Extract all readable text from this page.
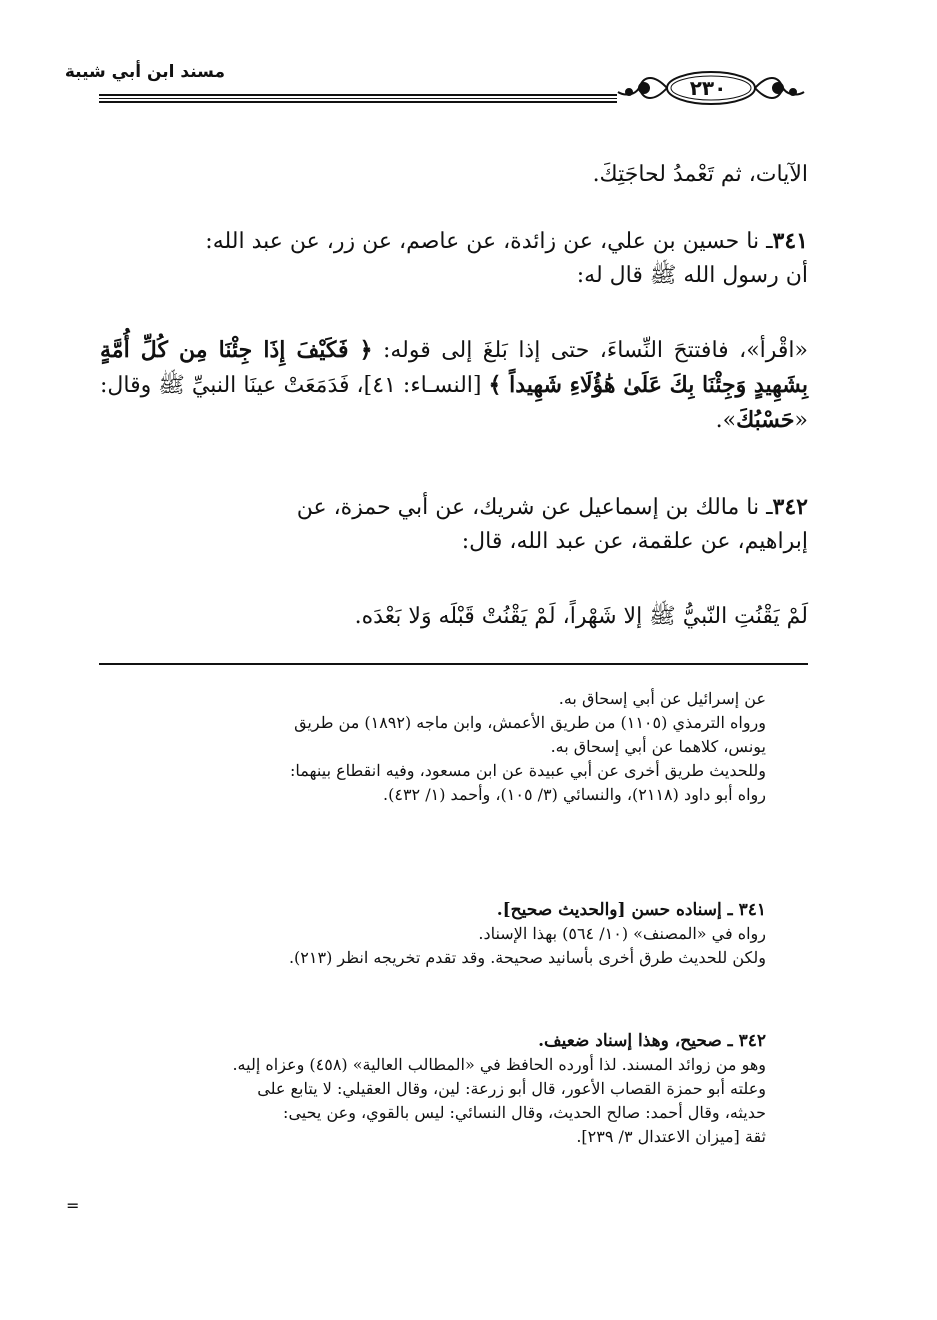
مسند ابن أبي شيبة
٢٣٠

الآيات، ثم تَعْمدُ لحاجَتِكَ.

٣٤١ـ نا حسين بن علي، عن زائدة، عن عاصم، عن زر، عن عبد الله:

أن رسول الله ﷺ قال له:

«اقْرأ»، فافتتحَ النِّساءَ، حتى إذا بَلغَ إلى قوله: ﴿ فَكَيْفَ إِذَا جِئْنَا مِن كُلِّ أُمَّةٍ بِشَهِيدٍ وَجِئْنَا بِكَ عَلَىٰ هَٰؤُلَاءِ شَهِيداً ﴾ [النسـاء: ٤١]، فَدَمَعَتْ عينَا النبيِّ ﷺ وقال: «حَسْبُكَ».

٣٤٢ـ نا مالك بن إسماعيل عن شريك، عن أبي حمزة، عن

إبراهيم، عن علقمة، عن عبد الله، قال:

لَمْ يَقْنُتِ النّبيُّ ﷺ إلا شَهْراً، لَمْ يَقْنُتْ قَبْلَه وَلا بَعْدَه.

عن إسرائيل عن أبي إسحاق به.

ورواه الترمذي (١١٠٥) من طريق الأعمش، وابن ماجه (١٨٩٢) من طريق

يونس، كلاهما عن أبي إسحاق به.

وللحديث طريق أخرى عن أبي عبيدة عن ابن مسعود، وفيه انقطاع بينهما:

رواه أبو داود (٢١١٨)، والنسائي (٣/ ١٠٥)، وأحمد (١/ ٤٣٢).

٣٤١ ـ إسناده حسن [والحديث صحيح].

رواه في «المصنف» (١٠/ ٥٦٤) بهذا الإسناد.

ولكن للحديث طرق أخرى بأسانيد صحيحة. وقد تقدم تخريجه انظر (٢١٣).

٣٤٢ ـ صحيح، وهذا إسناد ضعيف.

وهو من زوائد المسند. لذا أورده الحافظ في «المطالب العالية» (٤٥٨) وعزاه إليه.

وعلته أبو حمزة القصاب الأعور، قال أبو زرعة: لين، وقال العقيلي: لا يتابع على

حديثه، وقال أحمد: صالح الحديث، وقال النسائي: ليس بالقوي، وعن يحيى:

ثقة [ميزان الاعتدال ٣/ ٢٣٩].

=
